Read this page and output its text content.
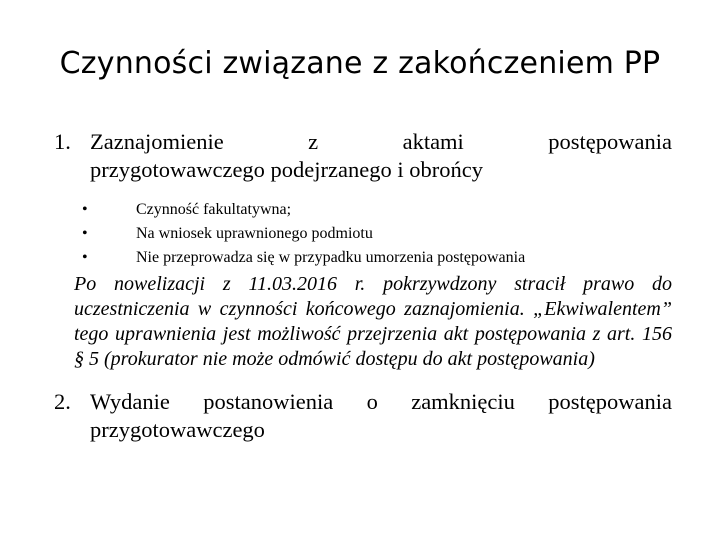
Czynności związane z zakończeniem PP
1. Zaznajomienie z aktami postępowania
przygotowawczego podejrzanego i obrońcy
•	Czynność fakultatywna;
•	Na wniosek uprawnionego podmiotu
•	Nie przeprowadza się w przypadku umorzenia postępowania
Po nowelizacji z 11.03.2016 r. pokrzywdzony stracił prawo do uczestniczenia w czynności końcowego zaznajomienia. „Ekwiwalentem” tego uprawnienia jest możliwość przejrzenia akt postępowania z art. 156 § 5 (prokurator nie może odmówić dostępu do akt postępowania)
2. Wydanie postanowienia o zamknięciu postępowania
przygotowawczego
